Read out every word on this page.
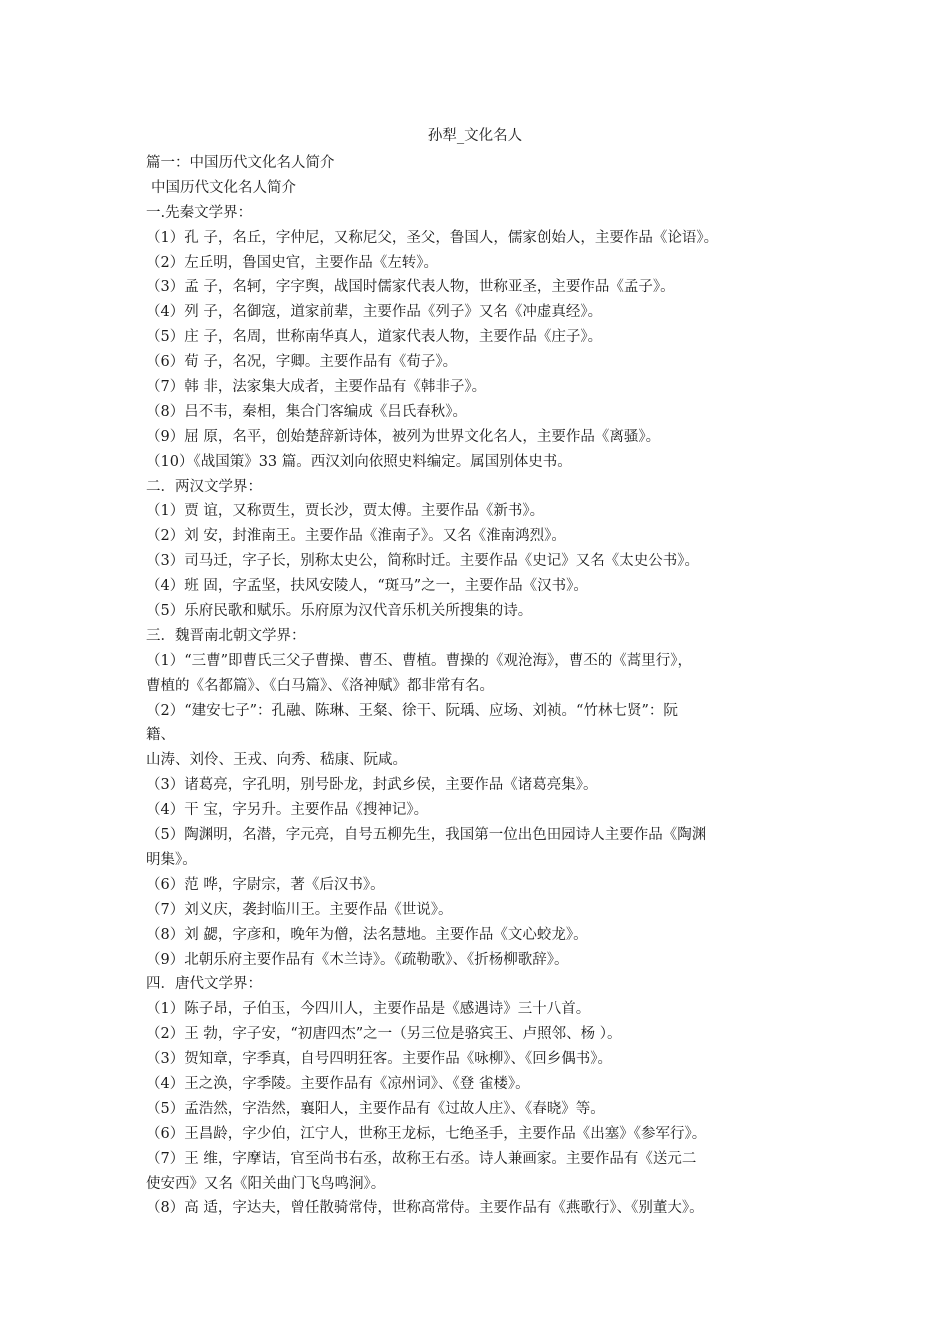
孙犁_文化名人
篇一：中国历代文化名人简介
中国历代文化名人简介
一.先秦文学界：
（1）孔 子，名丘，字仲尼，又称尼父，圣父，鲁国人，儒家创始人，主要作品《论语》。
（2）左丘明，鲁国史官，主要作品《左转》。
（3）孟 子，名轲，字字舆，战国时儒家代表人物，世称亚圣，主要作品《孟子》。
（4）列 子，名御寇，道家前辈，主要作品《列子》又名《冲虚真经》。
（5）庄 子，名周，世称南华真人，道家代表人物，主要作品《庄子》。
（6）荀 子，名况，字卿。主要作品有《荀子》。
（7）韩 非，法家集大成者，主要作品有《韩非子》。
（8）吕不韦，秦相，集合门客编成《吕氏春秋》。
（9）屈 原，名平，创始楚辞新诗体，被列为世界文化名人，主要作品《离骚》。
（10）《战国策》33 篇。西汉刘向依照史料编定。属国别体史书。
二．两汉文学界：
（1）贾 谊，又称贾生，贾长沙，贾太傅。主要作品《新书》。
（2）刘 安，封淮南王。主要作品《淮南子》。又名《淮南鸿烈》。
（3）司马迁，字子长，别称太史公，简称时迁。主要作品《史记》又名《太史公书》。
（4）班 固，字孟坚，扶风安陵人，“斑马”之一，主要作品《汉书》。
（5）乐府民歌和赋乐。乐府原为汉代音乐机关所搜集的诗。
三．魏晋南北朝文学界：
（1）“三曹”即曹氏三父子曹操、曹丕、曹植。曹操的《观沧海》，曹丕的《蒿里行》，
曹植的《名都篇》、《白马篇》、《洛神赋》都非常有名。
（2）“建安七子”：孔融、陈琳、王粲、徐干、阮瑀、应场、刘祯。“竹林七贤”：阮
籍、
山涛、刘伶、王戎、向秀、嵇康、阮咸。
（3）诸葛亮，字孔明，别号卧龙，封武乡侯，主要作品《诸葛亮集》。
（4）干 宝，字另升。主要作品《搜神记》。
（5）陶渊明，名潜，字元亮，自号五柳先生，我国第一位出色田园诗人主要作品《陶渊
明集》。
（6）范 哗，字尉宗，著《后汉书》。
（7）刘义庆，袭封临川王。主要作品《世说》。
（8）刘 勰，字彦和，晚年为僧，法名慧地。主要作品《文心蛟龙》。
（9）北朝乐府主要作品有《木兰诗》。《疏勒歌》、《折杨柳歌辞》。
四．唐代文学界：
（1）陈子昂，子伯玉，今四川人，主要作品是《感遇诗》三十八首。
（2）王 勃，字子安，“初唐四杰”之一（另三位是骆宾王、卢照邻、杨 ）。
（3）贺知章，字季真，自号四明狂客。主要作品《咏柳》、《回乡偶书》。
（4）王之涣，字季陵。主要作品有《凉州词》、《登 雀楼》。
（5）孟浩然，字浩然，襄阳人，主要作品有《过故人庄》、《春晓》等。
（6）王昌龄，字少伯，江宁人，世称王龙标，七绝圣手，主要作品《出塞》《参军行》。
（7）王 维，字摩诘，官至尚书右丞，故称王右丞。诗人兼画家。主要作品有《送元二
使安西》又名《阳关曲门飞鸟鸣涧》。
（8）高 适，字达夫，曾任散骑常侍，世称高常侍。主要作品有《燕歌行》、《别董大》。
